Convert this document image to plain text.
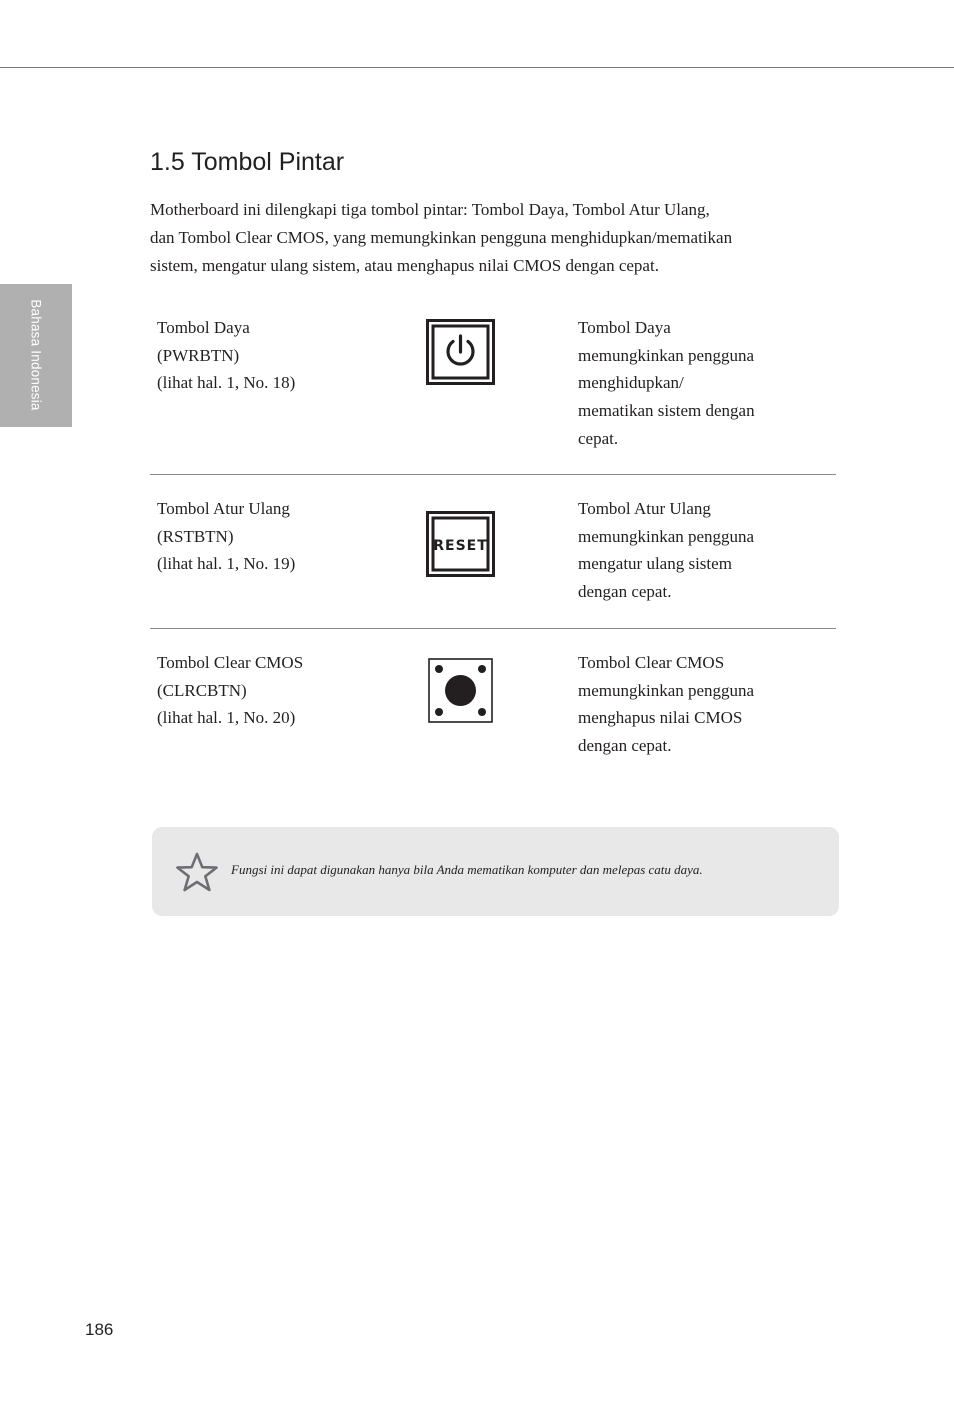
Bahasa Indonesia
1.5 Tombol Pintar
Motherboard ini dilengkapi tiga tombol pintar: Tombol Daya, Tombol Atur Ulang,
dan Tombol Clear CMOS, yang memungkinkan pengguna menghidupkan/mematikan
sistem, mengatur ulang sistem, atau menghapus nilai CMOS dengan cepat.
Tombol Daya
(PWRBTN)
(lihat hal. 1, No. 18)
Tombol Daya
memungkinkan pengguna
menghidupkan/
mematikan sistem dengan
cepat.
Tombol Atur Ulang
(RSTBTN)
(lihat hal. 1, No. 19)
RESET
Tombol Atur Ulang
memungkinkan pengguna
mengatur ulang sistem
dengan cepat.
Tombol Clear CMOS
(CLRCBTN)
(lihat hal. 1, No. 20)
Tombol Clear CMOS
memungkinkan pengguna
menghapus nilai CMOS
dengan cepat.
Fungsi ini dapat digunakan hanya bila Anda mematikan komputer dan melepas catu daya.
186
